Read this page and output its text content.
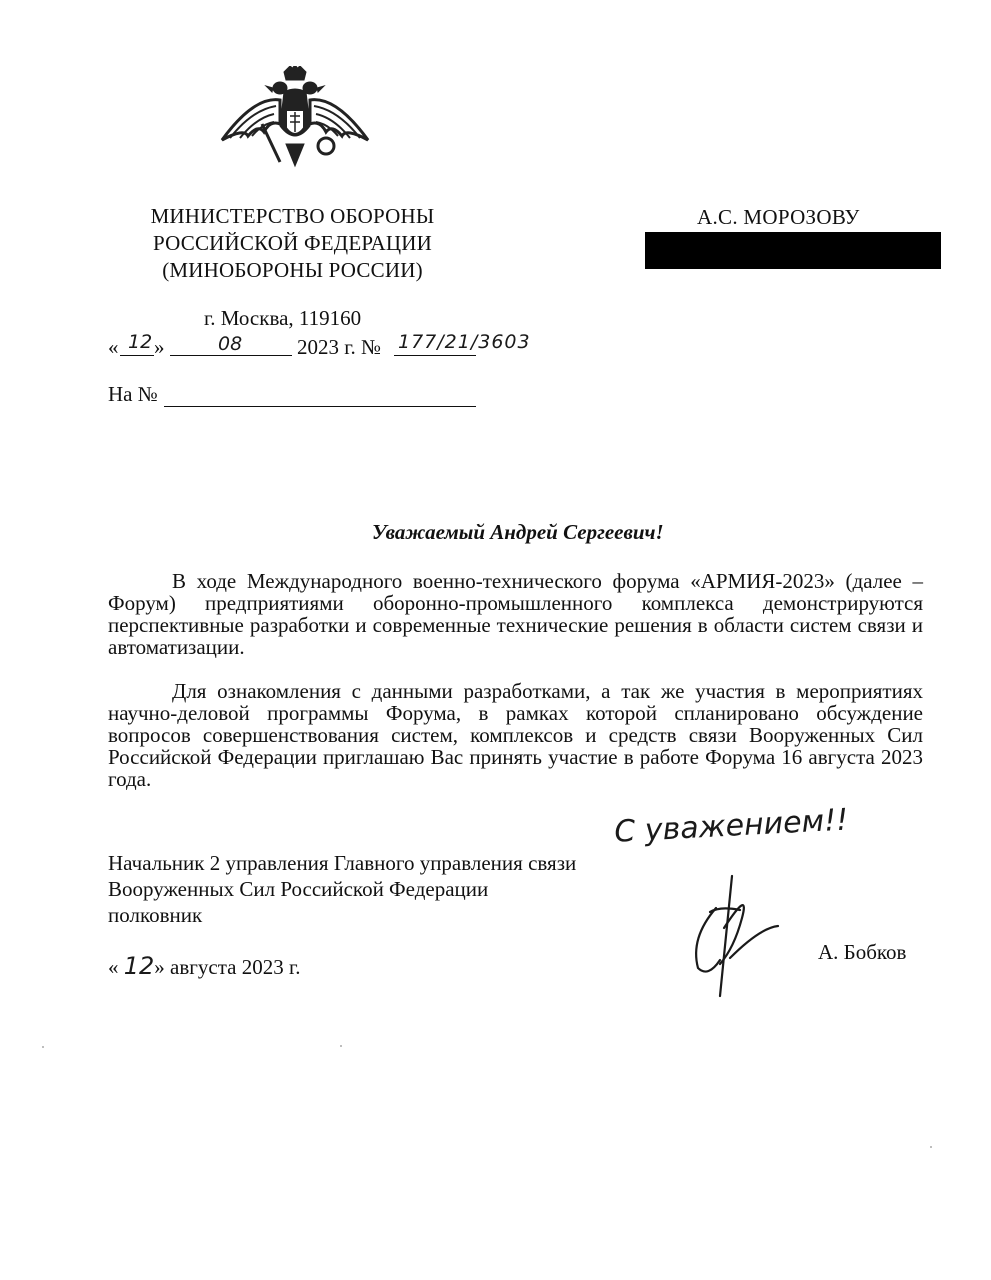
МИНИСТЕРСТВО ОБОРОНЫ
РОССИЙСКОЙ ФЕДЕРАЦИИ
(МИНОБОРОНЫ РОССИИ)
А.С. МОРОЗОВУ
г. Москва, 119160
« 12 »	08	2023 г. № 177/21/3603
На №
Уважаемый Андрей Сергеевич!

В ходе Международного военно-технического форума «АРМИЯ-2023» (далее – Форум) предприятиями оборонно-промышленного комплекса демонстрируются перспективные разработки и современные технические решения в области систем связи и автоматизации.

Для ознакомления с данными разработками, а так же участия в мероприятиях научно-деловой программы Форума, в рамках которой спланировано обсуждение вопросов совершенствования систем, комплексов и средств связи Вооруженных Сил Российской Федерации приглашаю Вас принять участие в работе Форума 16 августа 2023 года.

С уважением!!
Начальник 2 управления Главного управления связи
Вооруженных Сил Российской Федерации
полковник
« 12» августа 2023 г.
А. Бобков
